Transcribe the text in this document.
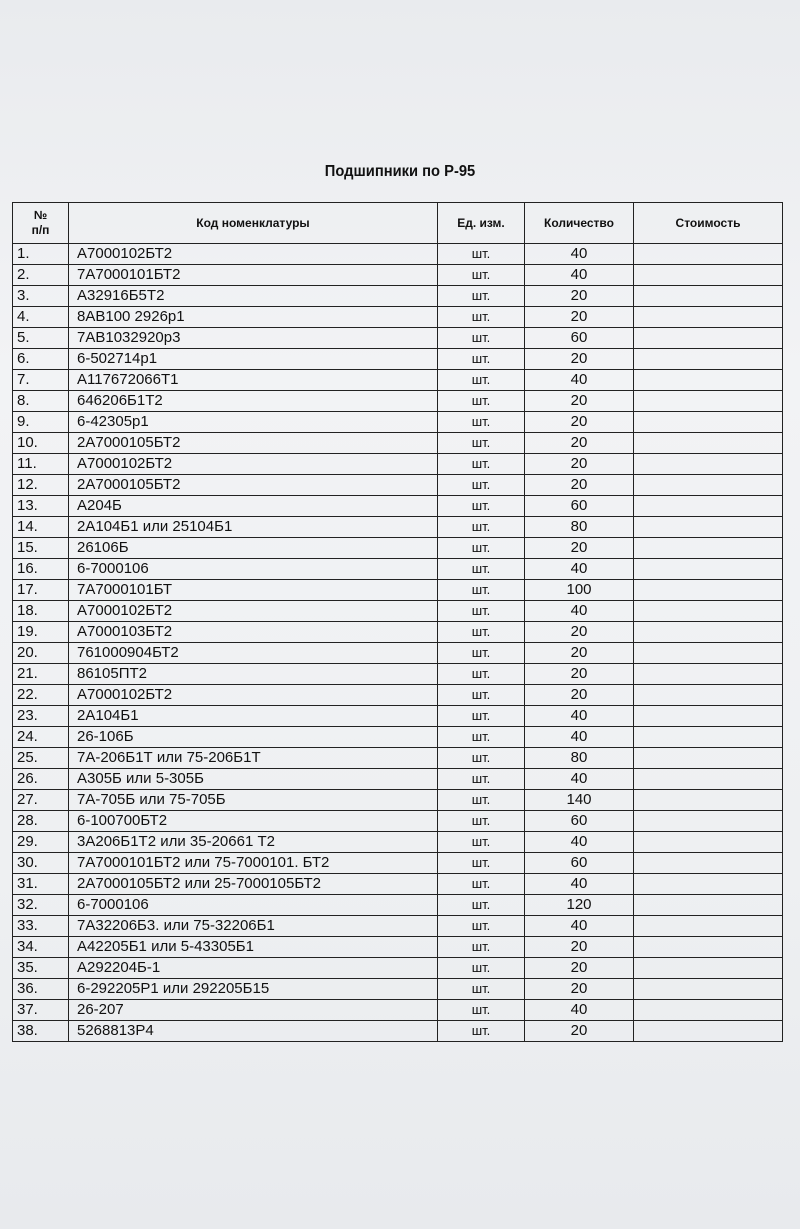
Подшипники по Р-95
№
п/п	Код номенклатуры	Ед. изм.	Количество	Стоимость
1.	А7000102БТ2	шт.	40	
2.	7А7000101БТ2	шт.	40	
3.	А32916Б5Т2	шт.	20	
4.	8АВ100 2926р1	шт.	20	
5.	7АВ1032920р3	шт.	60	
6.	6-502714р1	шт.	20	
7.	А117672066Т1	шт.	40	
8.	646206Б1Т2	шт.	20	
9.	6-42305р1	шт.	20	
10.	2А7000105БТ2	шт.	20	
11.	А7000102БТ2	шт.	20	
12.	2А7000105БТ2	шт.	20	
13.	А204Б	шт.	60	
14.	2А104Б1 или 25104Б1	шт.	80	
15.	26106Б	шт.	20	
16.	6-7000106	шт.	40	
17.	7А7000101БТ	шт.	100	
18.	А7000102БТ2	шт.	40	
19.	А7000103БТ2	шт.	20	
20.	761000904БТ2	шт.	20	
21.	86105ПТ2	шт.	20	
22.	А7000102БТ2	шт.	20	
23.	2А104Б1	шт.	40	
24.	26-106Б	шт.	40	
25.	7А-206Б1Т или 75-206Б1Т	шт.	80	
26.	А305Б или 5-305Б	шт.	40	
27.	7А-705Б или 75-705Б	шт.	140	
28.	6-100700БТ2	шт.	60	
29.	3А206Б1Т2 или 35-20661 Т2	шт.	40	
30.	7А7000101БТ2 или 75-7000101. БТ2	шт.	60	
31.	2А7000105БТ2 или 25-7000105БТ2	шт.	40	
32.	6-7000106	шт.	120	
33.	7А32206Б3. или 75-32206Б1	шт.	40	
34.	А42205Б1 или 5-43305Б1	шт.	20	
35.	А292204Б-1	шт.	20	
36.	6-292205Р1 или 292205Б15	шт.	20	
37.	26-207	шт.	40	
38.	5268813Р4	шт.	20	
